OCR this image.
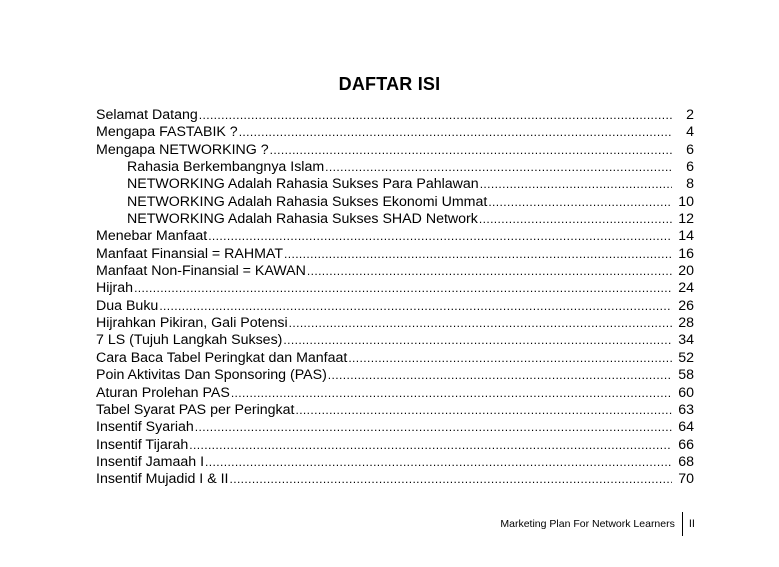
DAFTAR ISI
Selamat Datang .....	2
Mengapa FASTABIK ? .....	4
Mengapa NETWORKING ? .....	6
Rahasia Berkembangnya Islam .....	6
NETWORKING Adalah Rahasia Sukses Para Pahlawan .....	8
NETWORKING Adalah Rahasia Sukses Ekonomi Ummat .....	10
NETWORKING Adalah Rahasia Sukses SHAD Network .....	12
Menebar Manfaat .....	14
Manfaat Finansial = RAHMAT .....	16
Manfaat Non-Finansial = KAWAN .....	20
Hijrah .....	24
Dua Buku .....	26
Hijrahkan Pikiran, Gali Potensi .....	28
7 LS (Tujuh Langkah Sukses) .....	34
Cara Baca Tabel Peringkat dan Manfaat .....	52
Poin Aktivitas Dan Sponsoring (PAS) .....	58
Aturan Prolehan PAS .....	60
Tabel Syarat PAS per Peringkat .....	63
Insentif Syariah .....	64
Insentif Tijarah .....	66
Insentif Jamaah I .....	68
Insentif Mujadid I & II .....	70
Marketing Plan For Network Learners	II
